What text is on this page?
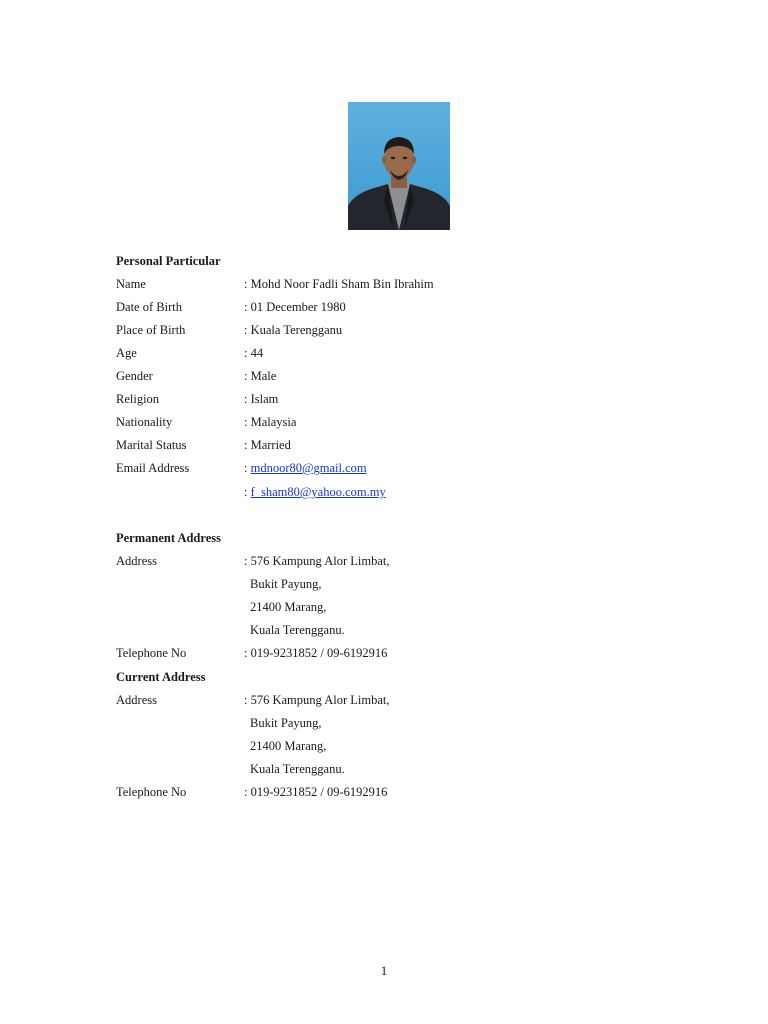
Personal Particular
Name	: Mohd Noor Fadli Sham Bin Ibrahim
Date of Birth	: 01 December 1980
Place of Birth	: Kuala Terengganu
Age	: 44
Gender	: Male
Religion	: Islam
Nationality	: Malaysia
Marital Status	: Married
Email Address	: mdnoor80@gmail.com
: f_sham80@yahoo.com.my
Permanent Address
Address	: 576 Kampung Alor Limbat,
Bukit Payung,
21400 Marang,
Kuala Terengganu.
Telephone No	: 019-9231852 / 09-6192916
Current Address
Address	: 576 Kampung Alor Limbat,
Bukit Payung,
21400 Marang,
Kuala Terengganu.
Telephone No	: 019-9231852 / 09-6192916
1
